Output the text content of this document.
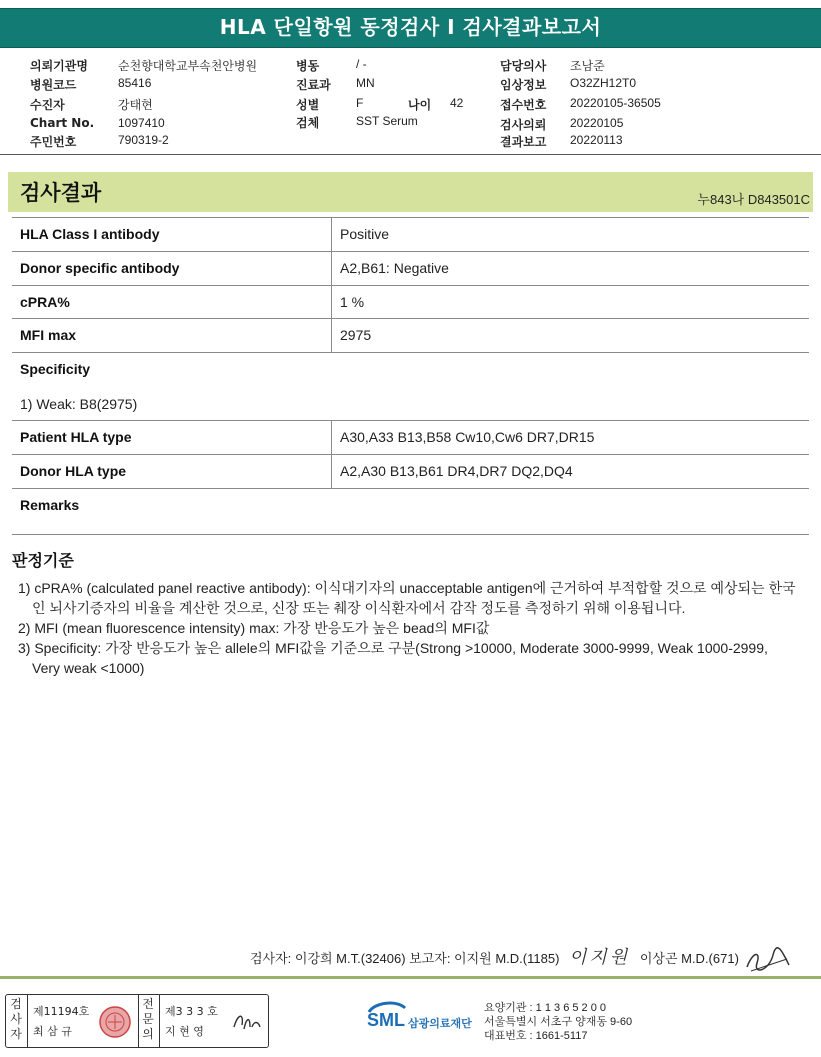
HLA 단일항원 동정검사 I 검사결과보고서
의뢰기관명	순천향대학교부속천안병원
병원코드	85416
수진자	강태현
Chart No. 1097410
주민번호	790319-2
병동	/ -
진료과 MN
성별	F	나이 42
검체	SST Serum
담당의사 조남준
임상정보 O32ZH12T0
접수번호 20220105-36505
검사의뢰 20220105
결과보고 20220113
검사결과	누843나 D843501C
HLA Class I antibody	Positive
Donor specific antibody	A2,B61: Negative
cPRA%	1 %
MFI max	2975
Specificity
1) Weak: B8(2975)
Patient HLA type	A30,A33 B13,B58 Cw10,Cw6 DR7,DR15
Donor HLA type	A2,A30 B13,B61 DR4,DR7 DQ2,DQ4
Remarks
판정기준
1) cPRA% (calculated panel reactive antibody): 이식대기자의 unacceptable antigen에 근거하여 부적합할 것으로 예상되는 한국인 뇌사기증자의 비율을 계산한 것으로, 신장 또는 췌장 이식환자에서 감작 정도를 측정하기 위해 이용됩니다.
2) MFI (mean fluorescence intensity) max: 가장 반응도가 높은 bead의 MFI값
3) Specificity: 가장 반응도가 높은 allele의 MFI값을 기준으로 구분(Strong >10000, Moderate 3000-9999, Weak 1000-2999, Very weak <1000)
검사자: 이강희 M.T.(32406) 보고자: 이지원 M.D.(1185) 이지원 이상곤 M.D.(671)
검사자
제11194호
최 삼 규
전문의
제3 3 3 호
지 현 영
SML 삼광의료재단
요양기관 : 1 1 3 6 5 2 0 0
서울특별시 서초구 양재동 9-60
대표번호 : 1661-5117
